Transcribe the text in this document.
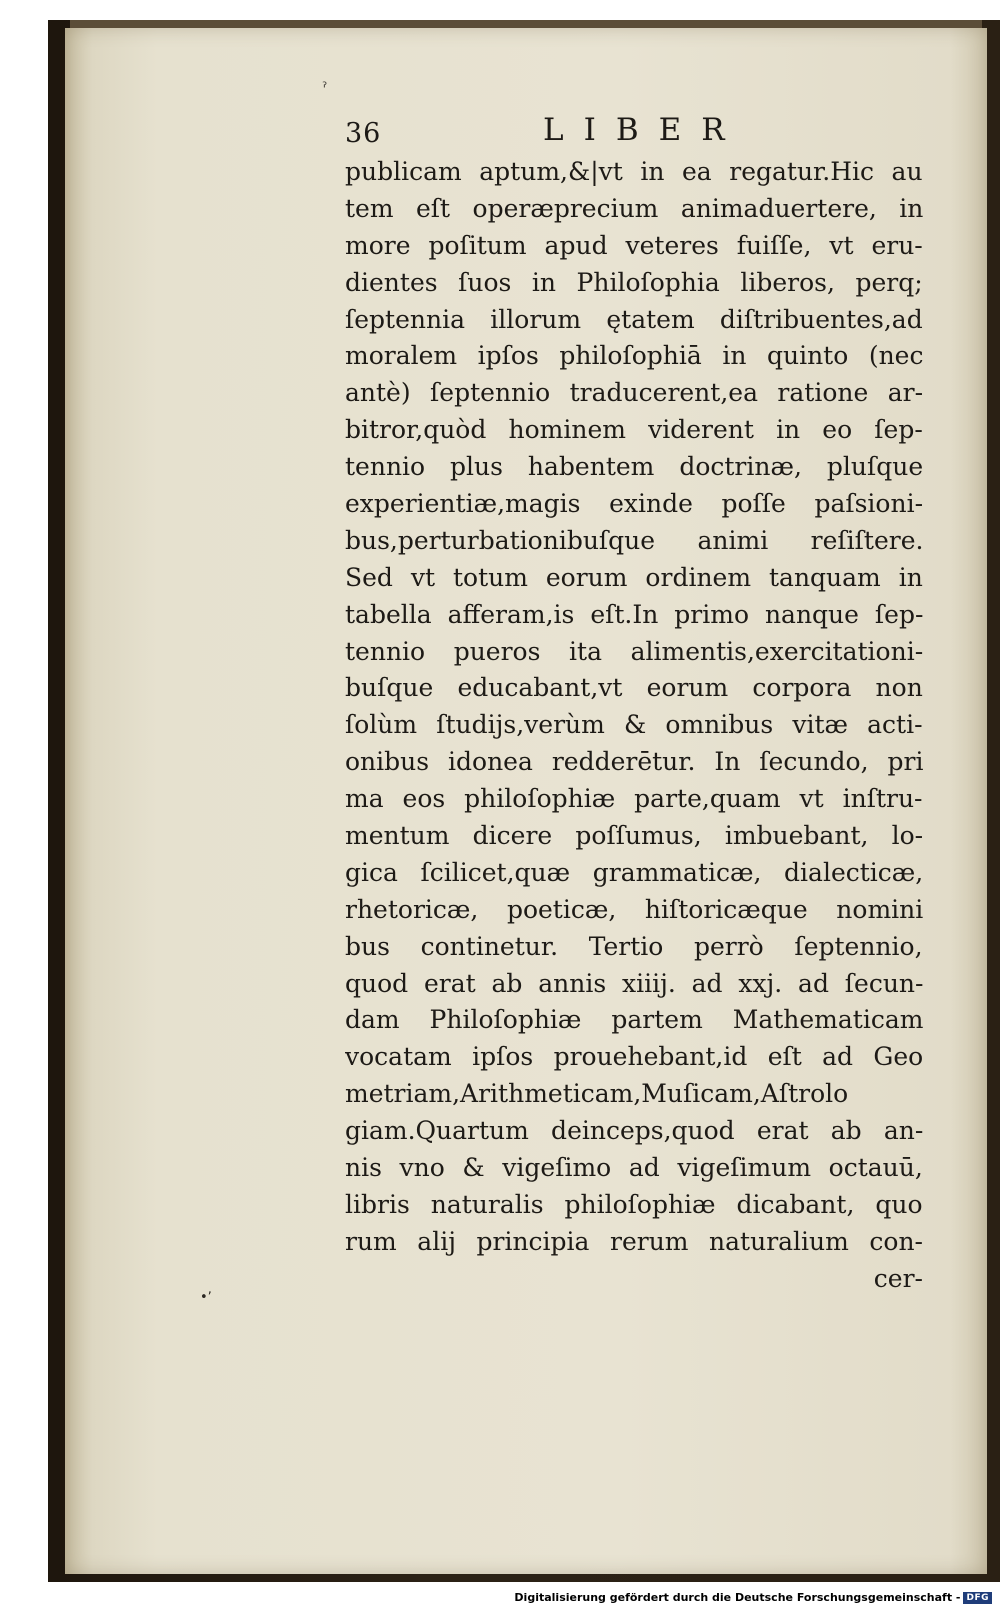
ˀ
•ʼ
36	LIBER
publicam aptum,&|vt in ea regatur.Hic au
tem eſt operæprecium animaduertere, in
more poſitum apud veteres fuiſſe, vt eru-
dientes ſuos in Philoſophia liberos, perq;
ſeptennia illorum ętatem diſtribuentes,ad
moralem ipſos philoſophiā in quinto (nec
antè) ſeptennio traducerent,ea ratione ar-
bitror,quòd hominem viderent in eo ſep-
tennio plus habentem doctrinæ, pluſque
experientiæ,magis exinde poſſe paſsioni-
bus,perturbationibuſque animi reſiſtere.
Sed vt totum eorum ordinem tanquam in
tabella afferam,is eſt.In primo nanque ſep-
tennio pueros ita alimentis,exercitationi-
buſque educabant,vt eorum corpora non
ſolùm ſtudijs,verùm & omnibus vitæ acti-
onibus idonea redderētur. In ſecundo, pri
ma eos philoſophiæ parte,quam vt inſtru-
mentum dicere poſſumus, imbuebant, lo-
gica ſcilicet,quæ grammaticæ, dialecticæ,
rhetoricæ, poeticæ, hiſtoricæque nomini
bus continetur. Tertio perrò ſeptennio,
quod erat ab annis xiiij. ad xxj. ad ſecun-
dam Philoſophiæ partem Mathematicam
vocatam ipſos prouehebant,id eſt ad Geo
metriam,Arithmeticam,Muſicam,Aſtrolo
giam.Quartum deinceps,quod erat ab an-
nis vno & vigeſimo ad vigeſimum octauū,
libris naturalis philoſophiæ dicabant, quo
rum alij principia rerum naturalium con-
cer-
Digitalisierung gefördert durch die Deutsche Forschungsgemeinschaft - DFG
